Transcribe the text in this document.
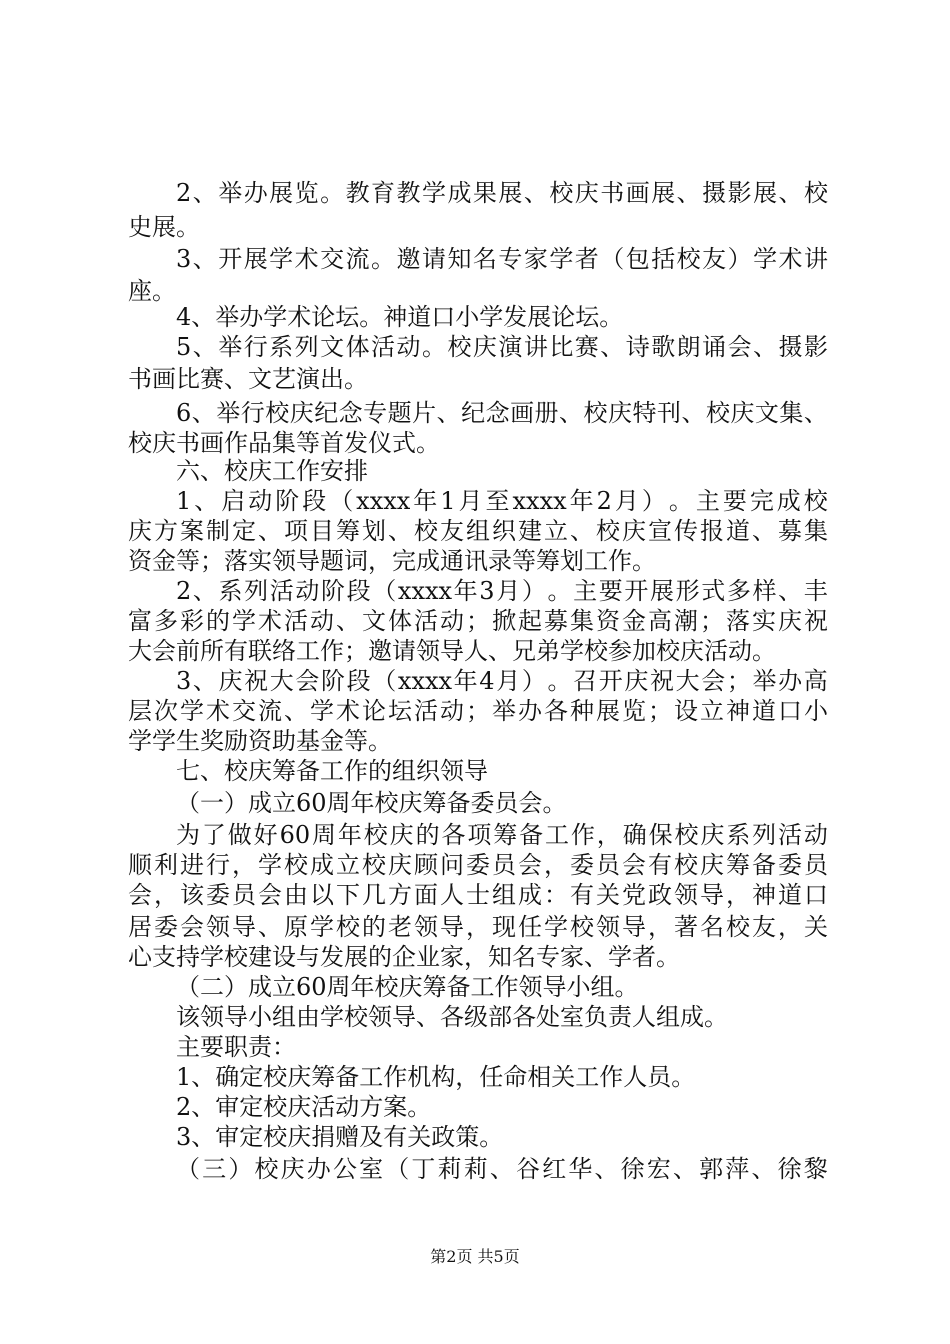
2 、 举 办 展 览 。 教 育 教 学 成 果 展 、 校 庆 书 画 展 、 摄 影 展 、 校
史展。
3 、 开 展 学 术 交 流 。 邀 请 知 名 专 家 学 者 （ 包 括 校 友 ） 学 术 讲
座。
4、举办学术论坛。神道口小学发展论坛。
5 、 举 行 系 列 文 体 活 动 。 校 庆 演 讲 比 赛 、 诗 歌 朗 诵 会 、 摄 影
书画比赛、文艺演出。
6 、 举 行 校 庆 纪 念 专 题 片 、 纪 念 画 册 、 校 庆 特 刊 、 校 庆 文 集 、
校庆书画作品集等首发仪式。
六、校庆工作安排
1 、 启 动 阶 段 （ xxxx 年 1 月 至 xxxx 年 2 月 ） 。 主 要 完 成 校
庆 方 案 制 定 、 项 目 筹 划 、 校 友 组 织 建 立 、 校 庆 宣 传 报 道 、 募 集
资金等；落实领导题词，完成通讯录等筹划工作。
2 、 系 列 活 动 阶 段 （ xxxx 年 3 月 ） 。 主 要 开 展 形 式 多 样 、 丰
富 多 彩 的 学 术 活 动 、 文 体 活 动 ； 掀 起 募 集 资 金 高 潮 ； 落 实 庆 祝
大会前所有联络工作；邀请领导人、兄弟学校参加校庆活动。
3 、 庆 祝 大 会 阶 段 （ xxxx 年 4 月 ） 。 召 开 庆 祝 大 会 ； 举 办 高
层 次 学 术 交 流 、 学 术 论 坛 活 动 ； 举 办 各 种 展 览 ； 设 立 神 道 口 小
学学生奖励资助基金等。
七、校庆筹备工作的组织领导
（一）成立60周年校庆筹备委员会。
为 了 做 好 60 周 年 校 庆 的 各 项 筹 备 工 作 ， 确 保 校 庆 系 列 活 动
顺 利 进 行 ， 学 校 成 立 校 庆 顾 问 委 员 会 ， 委 员 会 有 校 庆 筹 备 委 员
会 ， 该 委 员 会 由 以 下 几 方 面 人 士 组 成 ： 有 关 党 政 领 导 ， 神 道 口
居 委 会 领 导 、 原 学 校 的 老 领 导 ， 现 任 学 校 领 导 ， 著 名 校 友 ， 关
心支持学校建设与发展的企业家，知名专家、学者。
（二）成立60周年校庆筹备工作领导小组。
该领导小组由学校领导、各级部各处室负责人组成。
主要职责：
1、确定校庆筹备工作机构，任命相关工作人员。
2、审定校庆活动方案。
3、审定校庆捐赠及有关政策。
（ 三 ） 校 庆 办 公 室 （ 丁 莉 莉 、 谷 红 华 、 徐 宏 、 郭 萍 、 徐 黎
第2页 共5页
